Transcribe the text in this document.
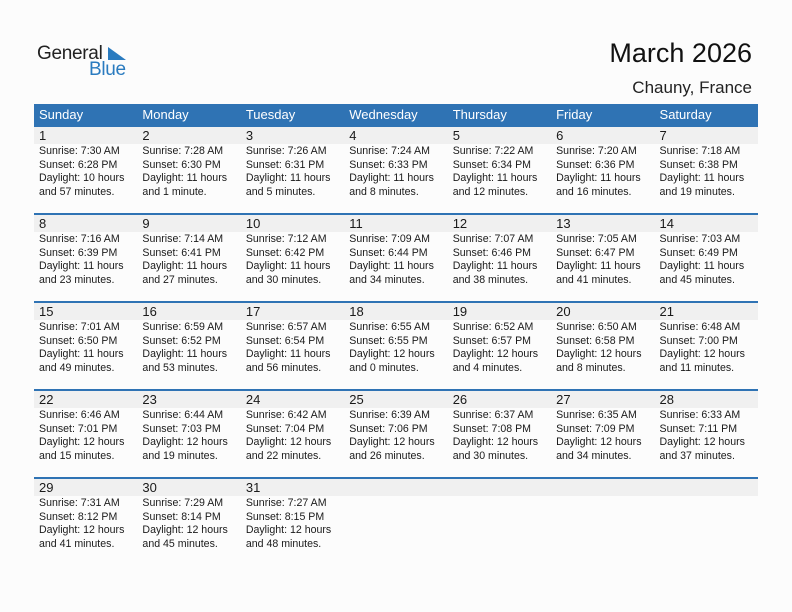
General
Blue
March 2026
Chauny, France
Sunday	Monday	Tuesday	Wednesday	Thursday	Friday	Saturday
1	2	3	4	5	6	7
Sunrise: 7:30 AM
Sunset: 6:28 PM
Daylight: 10 hours
and 57 minutes.
Sunrise: 7:28 AM
Sunset: 6:30 PM
Daylight: 11 hours
and 1 minute.
Sunrise: 7:26 AM
Sunset: 6:31 PM
Daylight: 11 hours
and 5 minutes.
Sunrise: 7:24 AM
Sunset: 6:33 PM
Daylight: 11 hours
and 8 minutes.
Sunrise: 7:22 AM
Sunset: 6:34 PM
Daylight: 11 hours
and 12 minutes.
Sunrise: 7:20 AM
Sunset: 6:36 PM
Daylight: 11 hours
and 16 minutes.
Sunrise: 7:18 AM
Sunset: 6:38 PM
Daylight: 11 hours
and 19 minutes.
8	9	10	11	12	13	14
Sunrise: 7:16 AM
Sunset: 6:39 PM
Daylight: 11 hours
and 23 minutes.
Sunrise: 7:14 AM
Sunset: 6:41 PM
Daylight: 11 hours
and 27 minutes.
Sunrise: 7:12 AM
Sunset: 6:42 PM
Daylight: 11 hours
and 30 minutes.
Sunrise: 7:09 AM
Sunset: 6:44 PM
Daylight: 11 hours
and 34 minutes.
Sunrise: 7:07 AM
Sunset: 6:46 PM
Daylight: 11 hours
and 38 minutes.
Sunrise: 7:05 AM
Sunset: 6:47 PM
Daylight: 11 hours
and 41 minutes.
Sunrise: 7:03 AM
Sunset: 6:49 PM
Daylight: 11 hours
and 45 minutes.
15	16	17	18	19	20	21
Sunrise: 7:01 AM
Sunset: 6:50 PM
Daylight: 11 hours
and 49 minutes.
Sunrise: 6:59 AM
Sunset: 6:52 PM
Daylight: 11 hours
and 53 minutes.
Sunrise: 6:57 AM
Sunset: 6:54 PM
Daylight: 11 hours
and 56 minutes.
Sunrise: 6:55 AM
Sunset: 6:55 PM
Daylight: 12 hours
and 0 minutes.
Sunrise: 6:52 AM
Sunset: 6:57 PM
Daylight: 12 hours
and 4 minutes.
Sunrise: 6:50 AM
Sunset: 6:58 PM
Daylight: 12 hours
and 8 minutes.
Sunrise: 6:48 AM
Sunset: 7:00 PM
Daylight: 12 hours
and 11 minutes.
22	23	24	25	26	27	28
Sunrise: 6:46 AM
Sunset: 7:01 PM
Daylight: 12 hours
and 15 minutes.
Sunrise: 6:44 AM
Sunset: 7:03 PM
Daylight: 12 hours
and 19 minutes.
Sunrise: 6:42 AM
Sunset: 7:04 PM
Daylight: 12 hours
and 22 minutes.
Sunrise: 6:39 AM
Sunset: 7:06 PM
Daylight: 12 hours
and 26 minutes.
Sunrise: 6:37 AM
Sunset: 7:08 PM
Daylight: 12 hours
and 30 minutes.
Sunrise: 6:35 AM
Sunset: 7:09 PM
Daylight: 12 hours
and 34 minutes.
Sunrise: 6:33 AM
Sunset: 7:11 PM
Daylight: 12 hours
and 37 minutes.
29	30	31
Sunrise: 7:31 AM
Sunset: 8:12 PM
Daylight: 12 hours
and 41 minutes.
Sunrise: 7:29 AM
Sunset: 8:14 PM
Daylight: 12 hours
and 45 minutes.
Sunrise: 7:27 AM
Sunset: 8:15 PM
Daylight: 12 hours
and 48 minutes.
